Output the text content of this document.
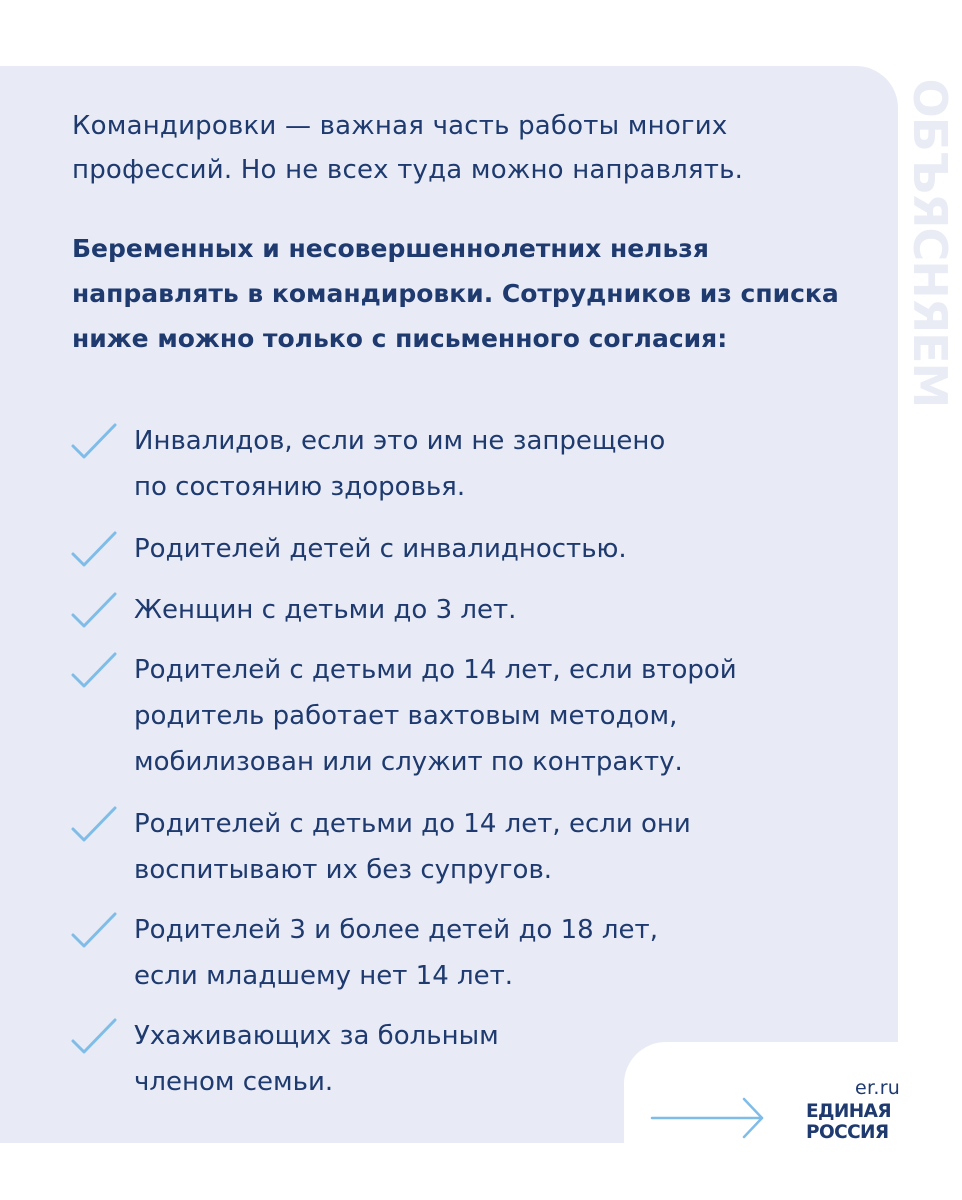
ОБЪЯСНЯЕМ

Командировки — важная часть работы многих профессий. Но не всех туда можно направлять.

Беременных и несовершеннолетних нельзя направлять в командировки. Сотрудников из списка ниже можно только с письменного согласия:

Инвалидов, если это им не запрещено
по состоянию здоровья.

Родителей детей с инвалидностью.

Женщин с детьми до 3 лет.

Родителей с детьми до 14 лет, если второй
родитель работает вахтовым методом,
мобилизован или служит по контракту.

Родителей с детьми до 14 лет, если они
воспитывают их без супругов.

Родителей 3 и более детей до 18 лет,
если младшему нет 14 лет.

Ухаживающих за больным
членом семьи.	er.ru
ЕДИНАЯ
РОССИЯ
